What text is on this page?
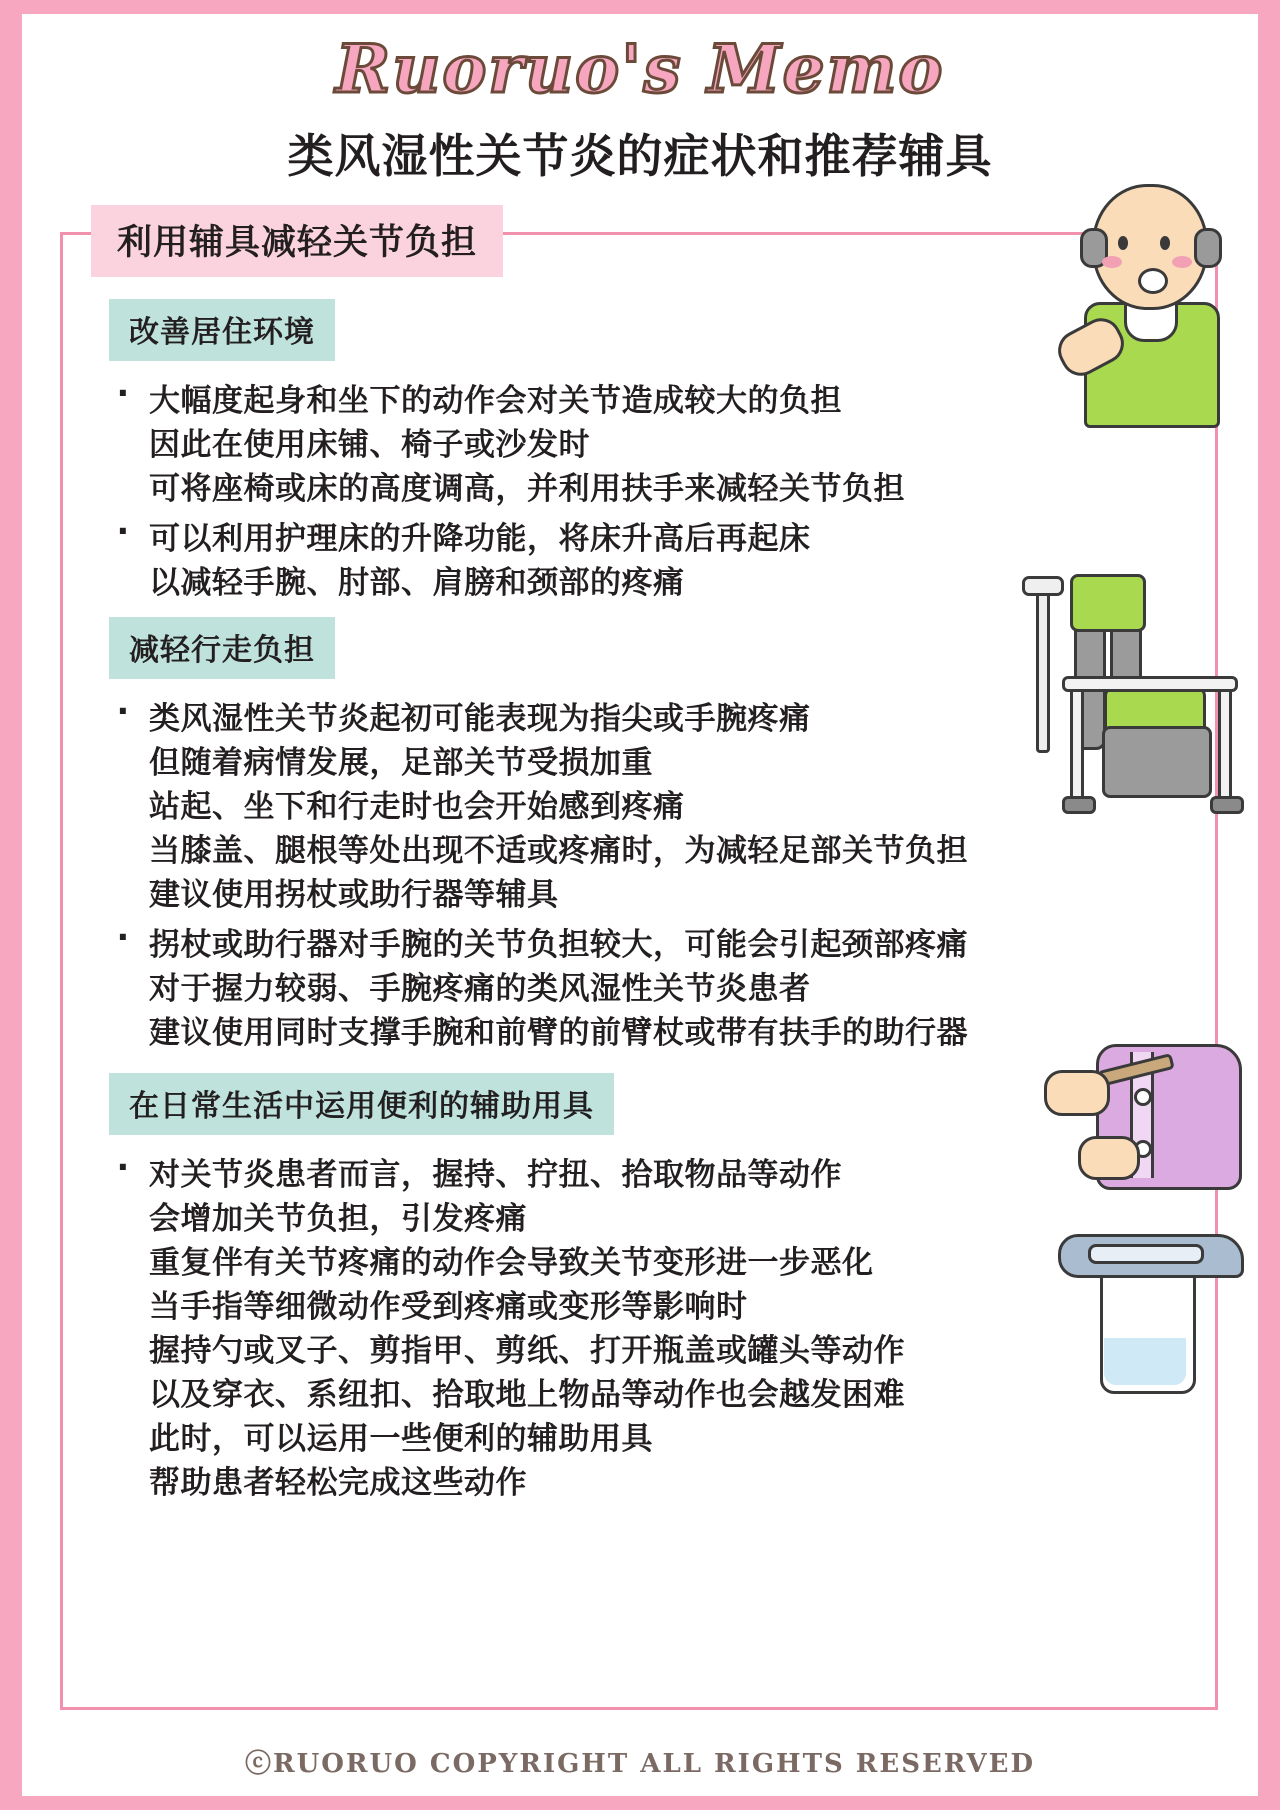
Ruoruo's Memo
类风湿性关节炎的症状和推荐辅具
利用辅具减轻关节负担
改善居住环境
· 大幅度起身和坐下的动作会对关节造成较大的负担
因此在使用床铺、椅子或沙发时
可将座椅或床的高度调高，并利用扶手来减轻关节负担
· 可以利用护理床的升降功能，将床升高后再起床
以减轻手腕、肘部、肩膀和颈部的疼痛
减轻行走负担
· 类风湿性关节炎起初可能表现为指尖或手腕疼痛
但随着病情发展，足部关节受损加重
站起、坐下和行走时也会开始感到疼痛
当膝盖、腿根等处出现不适或疼痛时，为减轻足部关节负担
建议使用拐杖或助行器等辅具
· 拐杖或助行器对手腕的关节负担较大，可能会引起颈部疼痛
对于握力较弱、手腕疼痛的类风湿性关节炎患者
建议使用同时支撑手腕和前臂的前臂杖或带有扶手的助行器
在日常生活中运用便利的辅助用具
· 对关节炎患者而言，握持、拧扭、拾取物品等动作
会增加关节负担，引发疼痛
重复伴有关节疼痛的动作会导致关节变形进一步恶化
当手指等细微动作受到疼痛或变形等影响时
握持勺或叉子、剪指甲、剪纸、打开瓶盖或罐头等动作
以及穿衣、系纽扣、拾取地上物品等动作也会越发困难
此时，可以运用一些便利的辅助用具
帮助患者轻松完成这些动作
ⓒRUORUO COPYRIGHT ALL RIGHTS RESERVED
